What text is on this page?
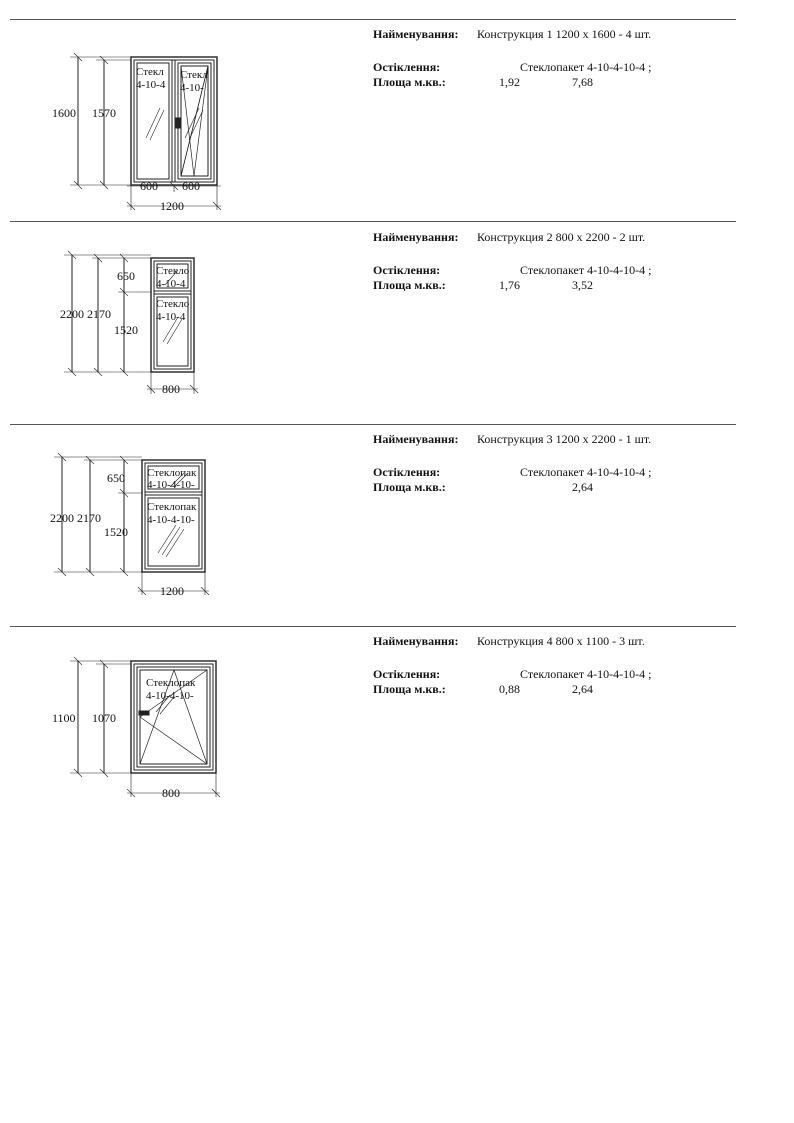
1600 1570
600 600
1200
Стекл
4-10-4
Стекл
4-10-
Найменування: Конструкция 1 1200 x 1600 - 4 шт.
Остіклення:	Стеклопакет 4-10-4-10-4 ;
Площа м.кв.:	1,92	7,68
2200 2170
650
1520
800
Стекло
4-10-4
Стекло
4-10-4
Найменування: Конструкция 2 800 x 2200 - 2 шт.
Остіклення:	Стеклопакет 4-10-4-10-4 ;
Площа м.кв.:	1,76	3,52
2200 2170
650
1520
1200
Стеклопак
4-10-4-10-
Стеклопак
4-10-4-10-
Найменування: Конструкция 3 1200 x 2200 - 1 шт.
Остіклення:	Стеклопакет 4-10-4-10-4 ;
Площа м.кв.:	2,64
1100 1070
800
Стеклопак
4-10-4-10-
Найменування: Конструкция 4 800 x 1100 - 3 шт.
Остіклення:	Стеклопакет 4-10-4-10-4 ;
Площа м.кв.:	0,88	2,64
